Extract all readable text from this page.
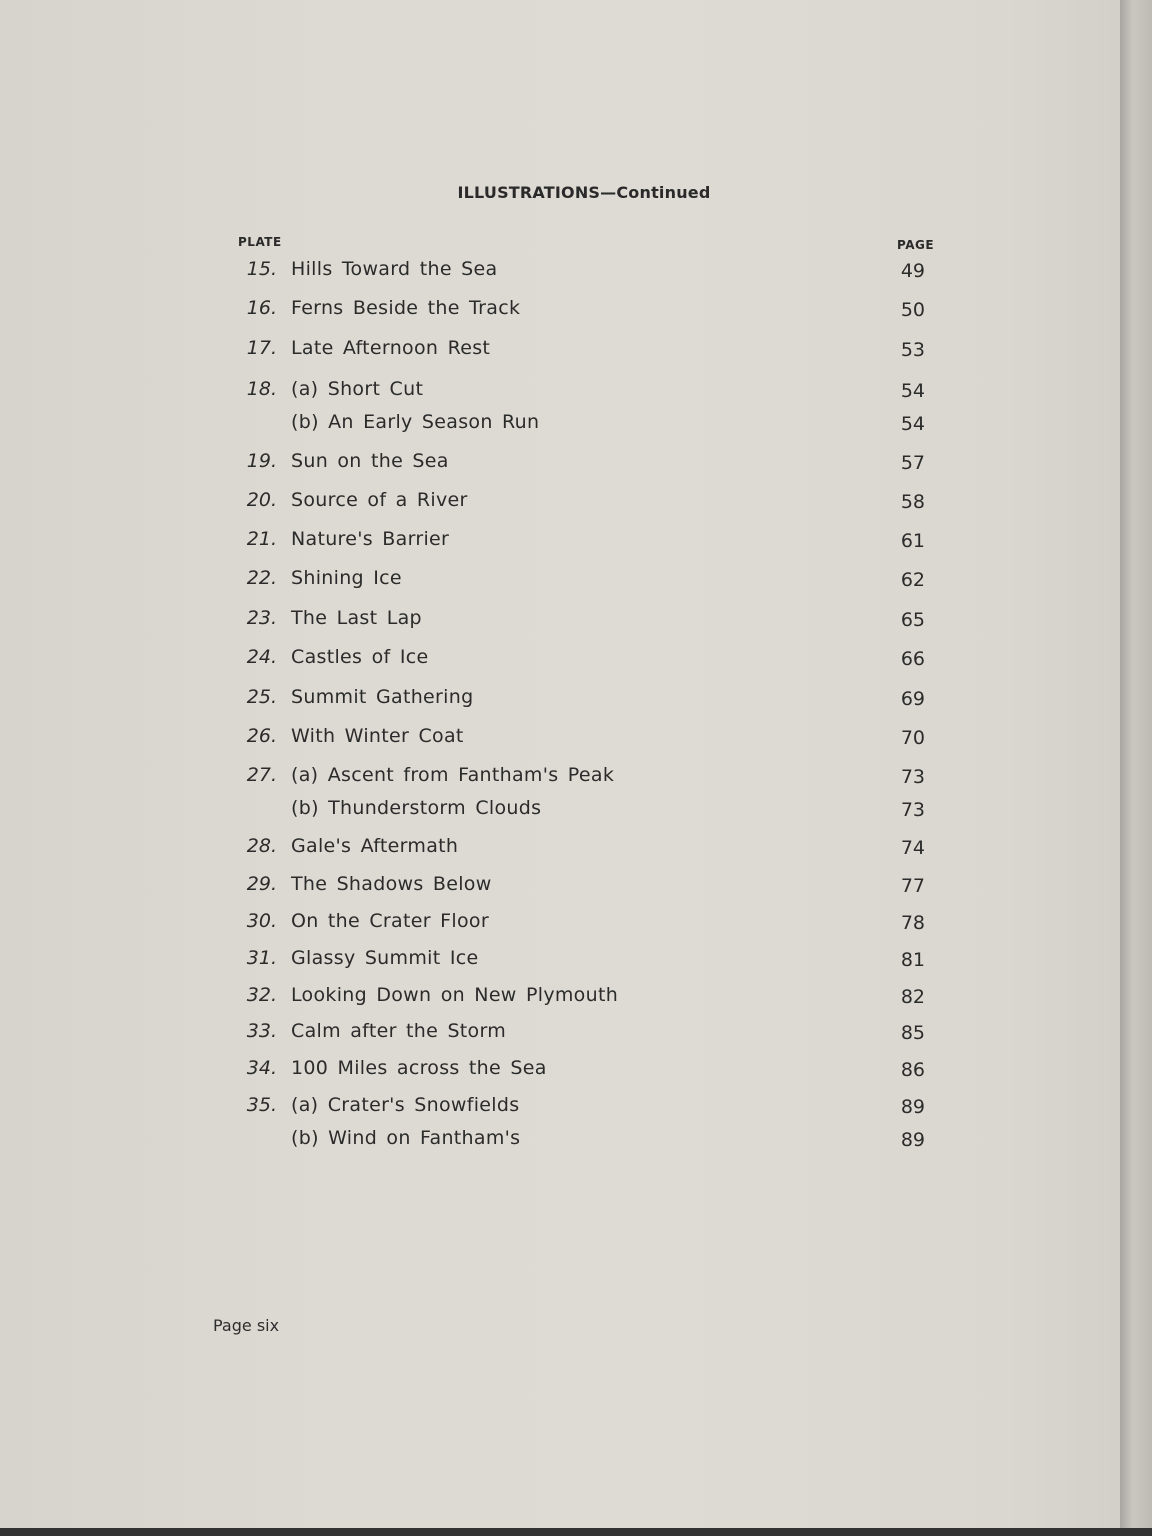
ILLUSTRATIONS—Continued
PLATE	PAGE
15. Hills Toward the Sea	49
16. Ferns Beside the Track	50
17. Late Afternoon Rest	53
18. (a) Short Cut	54
(b) An Early Season Run	54
19. Sun on the Sea	57
20. Source of a River	58
21. Nature's Barrier	61
22. Shining Ice	62
23. The Last Lap	65
24. Castles of Ice	66
25. Summit Gathering	69
26. With Winter Coat	70
27. (a) Ascent from Fantham's Peak	73
(b) Thunderstorm Clouds	73
28. Gale's Aftermath	74
29. The Shadows Below	77
30. On the Crater Floor	78
31. Glassy Summit Ice	81
32. Looking Down on New Plymouth	82
33. Calm after the Storm	85
34. 100 Miles across the Sea	86
35. (a) Crater's Snowfields	89
(b) Wind on Fantham's	89
Page six
